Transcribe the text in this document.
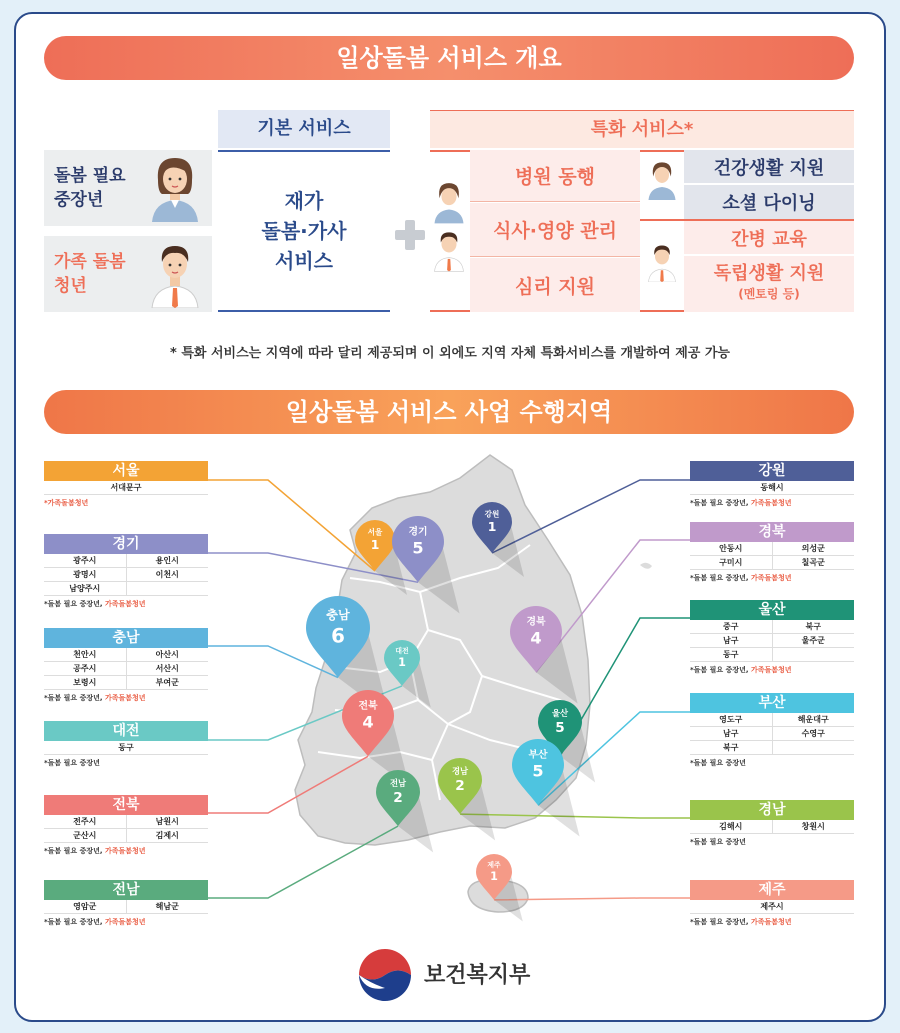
일상돌봄 서비스 개요
돌봄 필요 중장년
가족 돌봄 청년
기본 서비스
재가
돌봄·가사
서비스
특화 서비스*
병원 동행
식사·영양 관리
심리 지원
건강생활 지원
소셜 다이닝
간병 교육
독립생활 지원
(멘토링 등)
* 특화 서비스는 지역에 따라 달리 제공되며 이 외에도 지역 자체 특화서비스를 개발하여 제공 가능
일상돌봄 서비스 사업 수행지역
서울
1
경기
5
강원
1
충남
6
대전
1
경북
4
전북
4	울산
5
부산
5
전남
2
경남
2
제주
1
서울
서대문구
*가족돌봄청년
경기
광주시	용인시
광명시	이천시
남양주시
*돌봄 필요 중장년, 가족돌봄청년
충남
천안시	아산시
공주시	서산시
보령시	부여군
*돌봄 필요 중장년, 가족돌봄청년
대전
동구
*돌봄 필요 중장년
전북
전주시	남원시
군산시	김제시
*돌봄 필요 중장년, 가족돌봄청년
전남
영암군	해남군
*돌봄 필요 중장년, 가족돌봄청년
강원
동해시
*돌봄 필요 중장년, 가족돌봄청년
경북
안동시	의성군
구미시	칠곡군
*돌봄 필요 중장년, 가족돌봄청년
울산
중구	북구
남구	울주군
동구
*돌봄 필요 중장년, 가족돌봄청년
부산
영도구	해운대구
남구	수영구
북구
*돌봄 필요 중장년
경남
김해시	창원시
*돌봄 필요 중장년
제주
제주시
*돌봄 필요 중장년, 가족돌봄청년
보건복지부
